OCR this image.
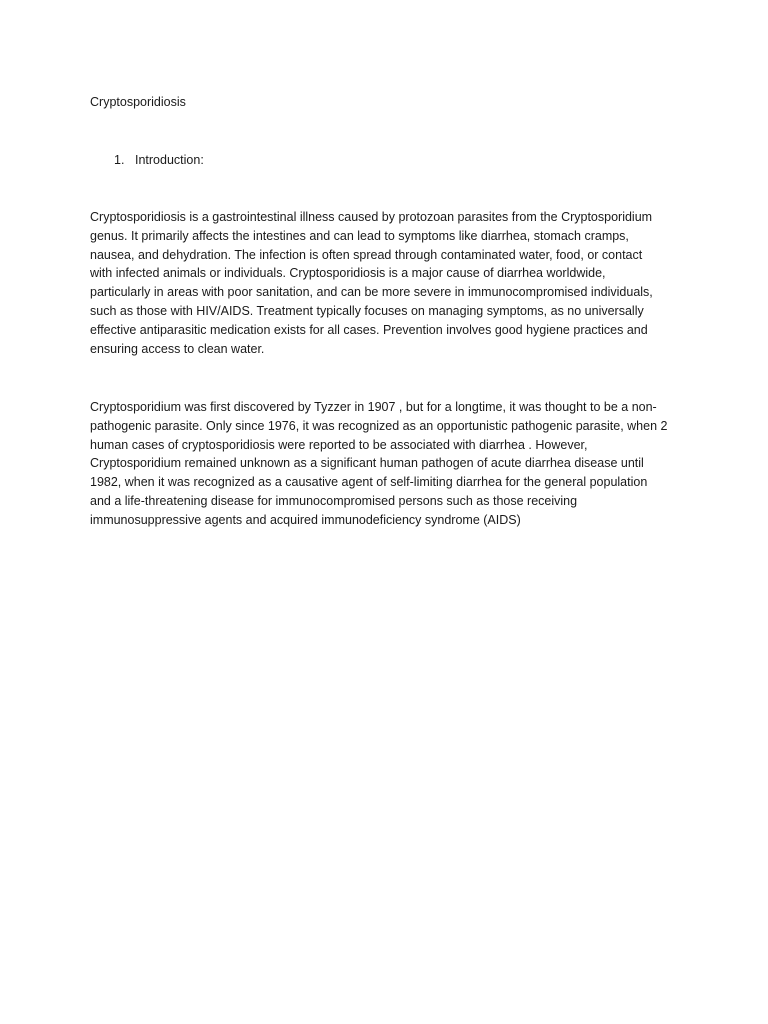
Cryptosporidiosis

1. Introduction:

Cryptosporidiosis is a gastrointestinal illness caused by protozoan parasites from the Cryptosporidium
genus. It primarily affects the intestines and can lead to symptoms like diarrhea, stomach cramps,
nausea, and dehydration. The infection is often spread through contaminated water, food, or contact
with infected animals or individuals. Cryptosporidiosis is a major cause of diarrhea worldwide,
particularly in areas with poor sanitation, and can be more severe in immunocompromised individuals,
such as those with HIV/AIDS. Treatment typically focuses on managing symptoms, as no universally
effective antiparasitic medication exists for all cases. Prevention involves good hygiene practices and
ensuring access to clean water.
Cryptosporidium was first discovered by Tyzzer in 1907 , but for a longtime, it was thought to be a non-
pathogenic parasite. Only since 1976, it was recognized as an opportunistic pathogenic parasite, when 2
human cases of cryptosporidiosis were reported to be associated with diarrhea . However,
Cryptosporidium remained unknown as a significant human pathogen of acute diarrhea disease until
1982, when it was recognized as a causative agent of self-limiting diarrhea for the general population
and a life-threatening disease for immunocompromised persons such as those receiving
immunosuppressive agents and acquired immunodeficiency syndrome (AIDS)
